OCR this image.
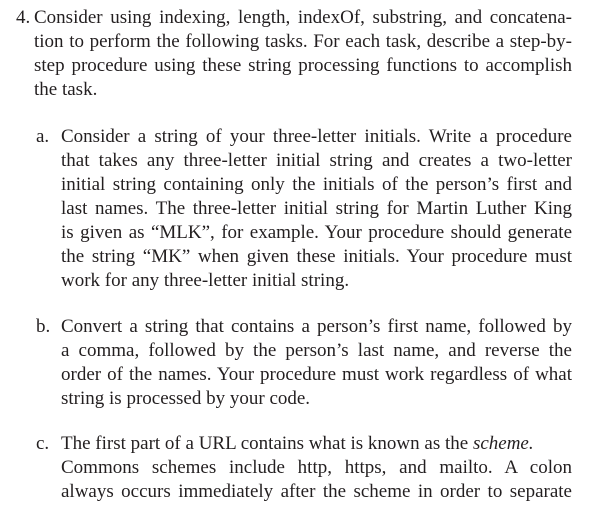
4. Consider using indexing, length, indexOf, substring, and concatena-
tion to perform the following tasks. For each task, describe a step-by-
step procedure using these string processing functions to accomplish
the task.
a. Consider a string of your three-letter initials. Write a procedure
that takes any three-letter initial string and creates a two-letter
initial string containing only the initials of the person’s first and
last names. The three-letter initial string for Martin Luther King
is given as “MLK”, for example. Your procedure should generate
the string “MK” when given these initials. Your procedure must
work for any three-letter initial string.
b. Convert a string that contains a person’s first name, followed by
a comma, followed by the person’s last name, and reverse the
order of the names. Your procedure must work regardless of what
string is processed by your code.
c. The first part of a URL contains what is known as the scheme.
Commons schemes include http, https, and mailto. A colon
always occurs immediately after the scheme in order to separate
